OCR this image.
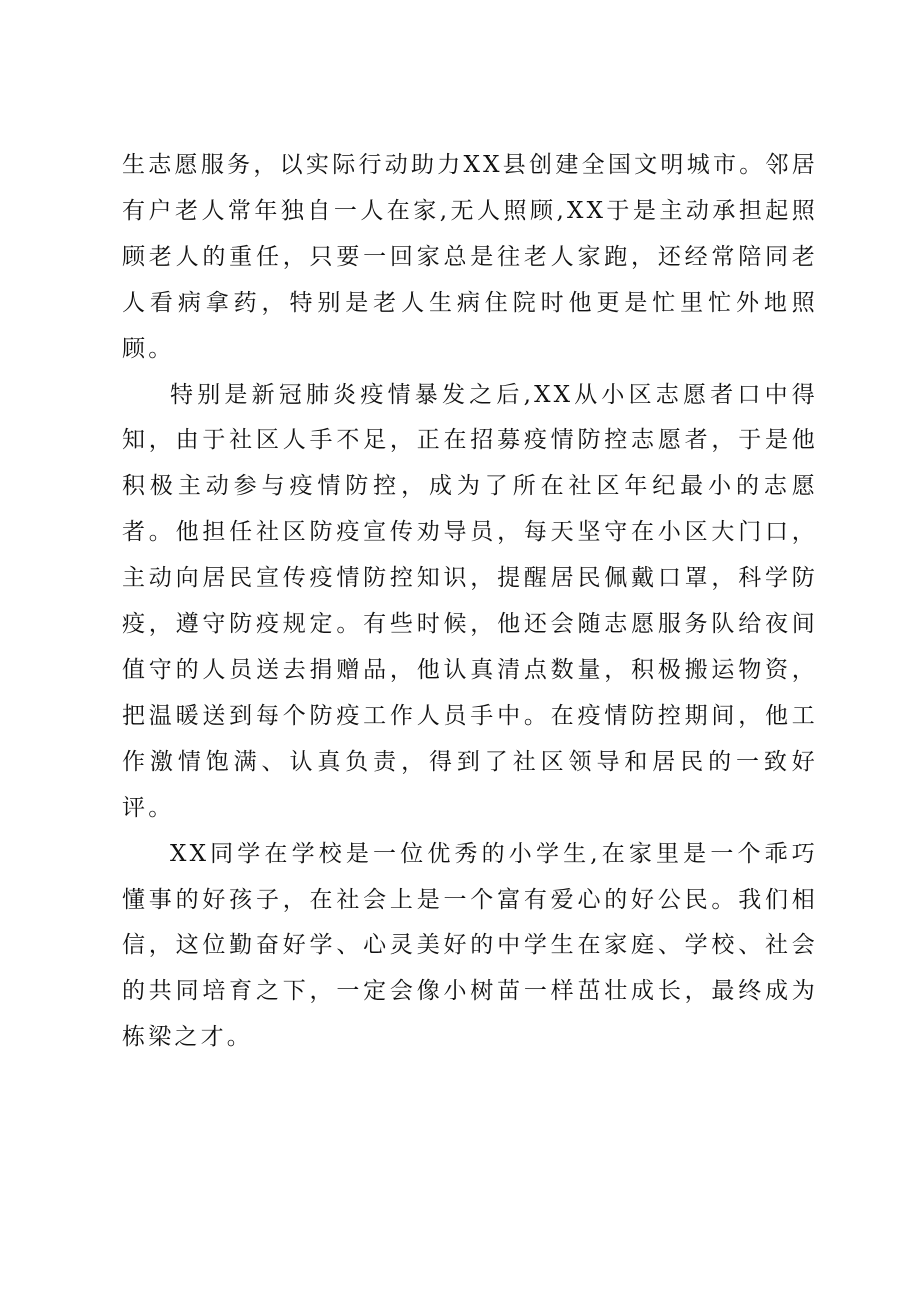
生志愿服务，以实际行动助力XX县创建全国文明城市。邻居有户老人常年独自一人在家,无人照顾,XX于是主动承担起照顾老人的重任，只要一回家总是往老人家跑，还经常陪同老人看病拿药，特别是老人生病住院时他更是忙里忙外地照顾。

特别是新冠肺炎疫情暴发之后,XX从小区志愿者口中得知，由于社区人手不足，正在招募疫情防控志愿者，于是他积极主动参与疫情防控，成为了所在社区年纪最小的志愿者。他担任社区防疫宣传劝导员，每天坚守在小区大门口，主动向居民宣传疫情防控知识，提醒居民佩戴口罩，科学防疫，遵守防疫规定。有些时候，他还会随志愿服务队给夜间值守的人员送去捐赠品，他认真清点数量，积极搬运物资，把温暖送到每个防疫工作人员手中。在疫情防控期间，他工作激情饱满、认真负责，得到了社区领导和居民的一致好评。

XX同学在学校是一位优秀的小学生,在家里是一个乖巧懂事的好孩子，在社会上是一个富有爱心的好公民。我们相信，这位勤奋好学、心灵美好的中学生在家庭、学校、社会的共同培育之下，一定会像小树苗一样茁壮成长，最终成为栋梁之才。
